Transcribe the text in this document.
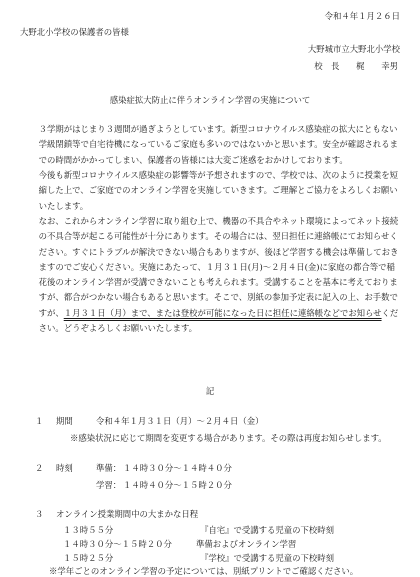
令和４年１月２６日
大野北小学校の保護者の皆様
大野城市立大野北小学校
校　長　　梶　　幸男
感染症拡大防止に伴うオンライン学習の実施について
３学期がはじまり３週間が過ぎようとしています。新型コロナウイルス感染症の拡大にともない学級閉鎖等で自宅待機になっているご家庭も多いのではないかと思います。安全が確認されるまでの時間がかかってしまい、保護者の皆様には大変ご迷惑をおかけしております。
今後も新型コロナウイルス感染症の影響等が予想されますので、学校では、次のように授業を短縮した上で、ご家庭でのオンライン学習を実施していきます。ご理解とご協力をよろしくお願いいたします。
なお、これからオンライン学習に取り組む上で、機器の不具合やネット環境によってネット接続の不具合等が起こる可能性が十分にあります。その場合には、翌日担任に連絡帳にてお知らせください。すぐにトラブルが解決できない場合もありますが、後ほど学習する機会は準備しておきますのでご安心ください。実施にあたって、１月３１日(月)～２月４日(金)に家庭の都合等で稲花後のオンライン学習が受講できないことも考えられます。受講することを基本に考えておりますが、都合がつかない場合もあると思います。そこで、別紙の参加予定表に記入の上、お手数ですが、１月３１日（月）まで、または登校が可能になった日に担任に連絡帳などでお知らせください。どうぞよろしくお願いいたします。
記
１ 期間	令和４年１月３１日（月）～２月４日（金）
※感染状況に応じて期間を変更する場合があります。その際は再度お知らせします。
２ 時刻	準備： １４時３０分～１４時４０分
学習： １４時４０分～１５時２０分
３ オンライン授業期間中の大まかな日程
１３時５５分	『自宅』で受講する児童の下校時刻
１４時３０分～１５時２０分	準備およびオンライン学習
１５時２５分	『学校』で受講する児童の下校時刻
※学年ごとのオンライン学習の予定については、別紙プリントでご確認ください。
